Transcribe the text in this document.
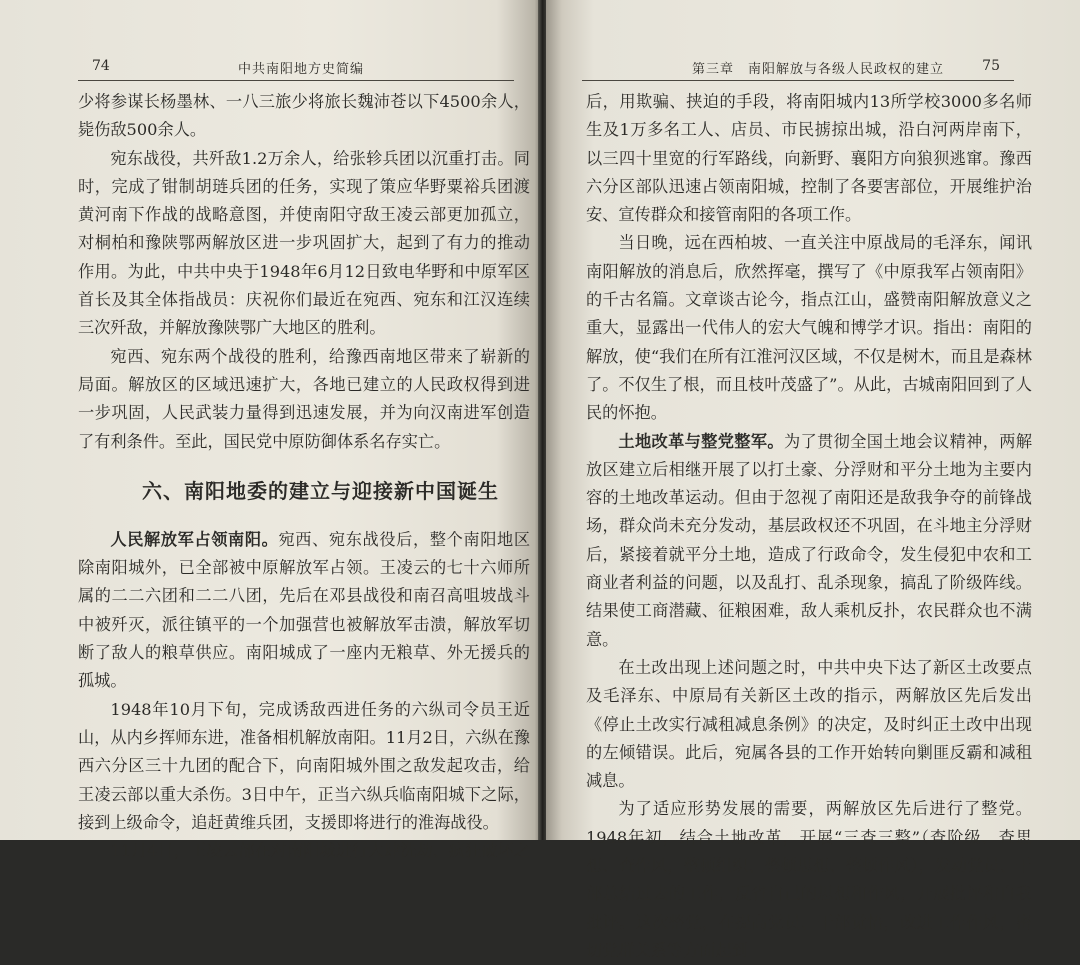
74	中共南阳地方史简编

少将参谋长杨墨林、一八三旅少将旅长魏沛苍以下4500余人，毙伤敌500余人。

宛东战役，共歼敌1.2万余人，给张轸兵团以沉重打击。同时，完成了钳制胡琏兵团的任务，实现了策应华野粟裕兵团渡黄河南下作战的战略意图，并使南阳守敌王凌云部更加孤立，对桐柏和豫陕鄂两解放区进一步巩固扩大，起到了有力的推动作用。为此，中共中央于1948年6月12日致电华野和中原军区首长及其全体指战员：庆祝你们最近在宛西、宛东和江汉连续三次歼敌，并解放豫陕鄂广大地区的胜利。

宛西、宛东两个战役的胜利，给豫西南地区带来了崭新的局面。解放区的区域迅速扩大，各地已建立的人民政权得到进一步巩固，人民武装力量得到迅速发展，并为向汉南进军创造了有利条件。至此，国民党中原防御体系名存实亡。

六、南阳地委的建立与迎接新中国诞生

人民解放军占领南阳。宛西、宛东战役后，整个南阳地区除南阳城外，已全部被中原解放军占领。王凌云的七十六师所属的二二六团和二二八团，先后在邓县战役和南召高咀坡战斗中被歼灭，派往镇平的一个加强营也被解放军击溃，解放军切断了敌人的粮草供应。南阳城成了一座内无粮草、外无援兵的孤城。

1948年10月下旬，完成诱敌西进任务的六纵司令员王近山，从内乡挥师东进，准备相机解放南阳。11月2日，六纵在豫西六分区三十九团的配合下，向南阳城外围之敌发起攻击，给王凌云部以重大杀伤。3日中午，正当六纵兵临南阳城下之际，接到上级命令，追赶黄维兵团，支援即将进行的淮海战役。

11月4日，王凌云部在对南阳城进行大肆洗劫、疯狂破坏之

第三章　南阳解放与各级人民政权的建立	75

后，用欺骗、挟迫的手段，将南阳城内13所学校3000多名师生及1万多名工人、店员、市民掳掠出城，沿白河两岸南下，以三四十里宽的行军路线，向新野、襄阳方向狼狈逃窜。豫西六分区部队迅速占领南阳城，控制了各要害部位，开展维护治安、宣传群众和接管南阳的各项工作。

当日晚，远在西柏坡、一直关注中原战局的毛泽东，闻讯南阳解放的消息后，欣然挥毫，撰写了《中原我军占领南阳》的千古名篇。文章谈古论今，指点江山，盛赞南阳解放意义之重大，显露出一代伟人的宏大气魄和博学才识。指出：南阳的解放，使“我们在所有江淮河汉区域，不仅是树木，而且是森林了。不仅生了根，而且枝叶茂盛了”。从此，古城南阳回到了人民的怀抱。

土地改革与整党整军。为了贯彻全国土地会议精神，两解放区建立后相继开展了以打土豪、分浮财和平分土地为主要内容的土地改革运动。但由于忽视了南阳还是敌我争夺的前锋战场，群众尚未充分发动，基层政权还不巩固，在斗地主分浮财后，紧接着就平分土地，造成了行政命令，发生侵犯中农和工商业者利益的问题，以及乱打、乱杀现象，搞乱了阶级阵线。结果使工商潜藏、征粮困难，敌人乘机反扑，农民群众也不满意。

在土改出现上述问题之时，中共中央下达了新区土改要点及毛泽东、中原局有关新区土改的指示，两解放区先后发出《停止土改实行减租减息条例》的决定，及时纠正土改中出现的左倾错误。此后，宛属各县的工作开始转向剿匪反霸和减租减息。

为了适应形势发展的需要，两解放区先后进行了整党。1948年初，结合土地改革，开展“三查三整”（查阶级、查思想、查作风，整顿组织、整顿思想、整顿作风），发动党员、干部总结过去的工作，反省自己的思想和作风，开展批评和自我批评。这次整党，在提高党员、干部觉悟，改进工作作风，密切党群关系等方面起到
